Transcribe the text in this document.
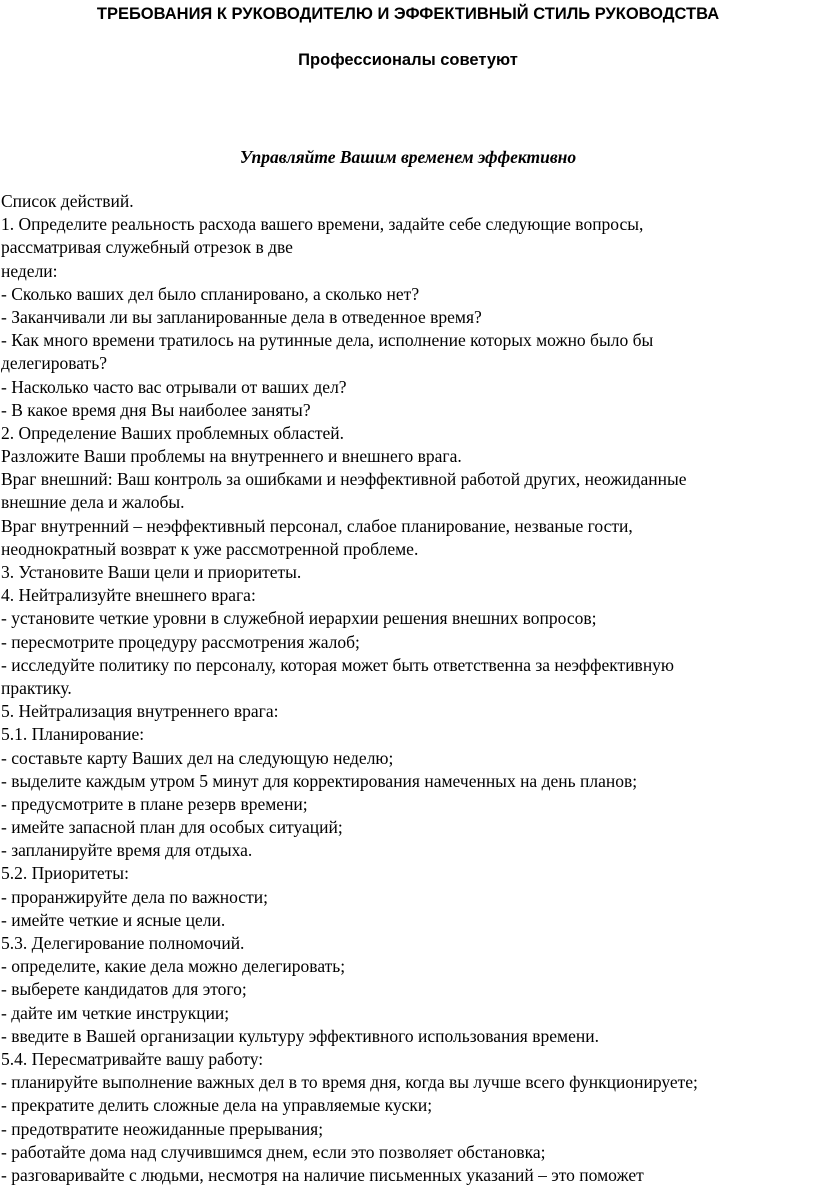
ТРЕБОВАНИЯ К РУКОВОДИТЕЛЮ И ЭФФЕКТИВНЫЙ СТИЛЬ РУКОВОДСТВА
Профессионалы советуют
Управляйте Вашим временем эффективно
Список действий.
1. Определите реальность расхода вашего времени, задайте себе следующие вопросы,
рассматривая служебный отрезок в две
недели:
- Сколько ваших дел было спланировано, а сколько нет?
- Заканчивали ли вы запланированные дела в отведенное время?
- Как много времени тратилось на рутинные дела, исполнение которых можно было бы
делегировать?
- Насколько часто вас отрывали от ваших дел?
- В какое время дня Вы наиболее заняты?
2. Определение Ваших проблемных областей.
Разложите Ваши проблемы на внутреннего и внешнего врага.
Враг внешний: Ваш контроль за ошибками и неэффективной работой других, неожиданные
внешние дела и жалобы.
Враг внутренний – неэффективный персонал, слабое планирование, незваные гости,
неоднократный возврат к уже рассмотренной проблеме.
3. Установите Ваши цели и приоритеты.
4. Нейтрализуйте внешнего врага:
- установите четкие уровни в служебной иерархии решения внешних вопросов;
- пересмотрите процедуру рассмотрения жалоб;
- исследуйте политику по персоналу, которая может быть ответственна за неэффективную
практику.
5. Нейтрализация внутреннего врага:
5.1. Планирование:
- составьте карту Ваших дел на следующую неделю;
- выделите каждым утром 5 минут для корректирования намеченных на день планов;
- предусмотрите в плане резерв времени;
- имейте запасной план для особых ситуаций;
- запланируйте время для отдыха.
5.2. Приоритеты:
- проранжируйте дела по важности;
- имейте четкие и ясные цели.
5.3. Делегирование полномочий.
- определите, какие дела можно делегировать;
- выберете кандидатов для этого;
- дайте им четкие инструкции;
- введите в Вашей организации культуру эффективного использования времени.
5.4. Пересматривайте вашу работу:
- планируйте выполнение важных дел в то время дня, когда вы лучше всего функционируете;
- прекратите делить сложные дела на управляемые куски;
- предотвратите неожиданные прерывания;
- работайте дома над случившимся днем, если это позволяет обстановка;
- разговаривайте с людьми, несмотря на наличие письменных указаний – это поможет
